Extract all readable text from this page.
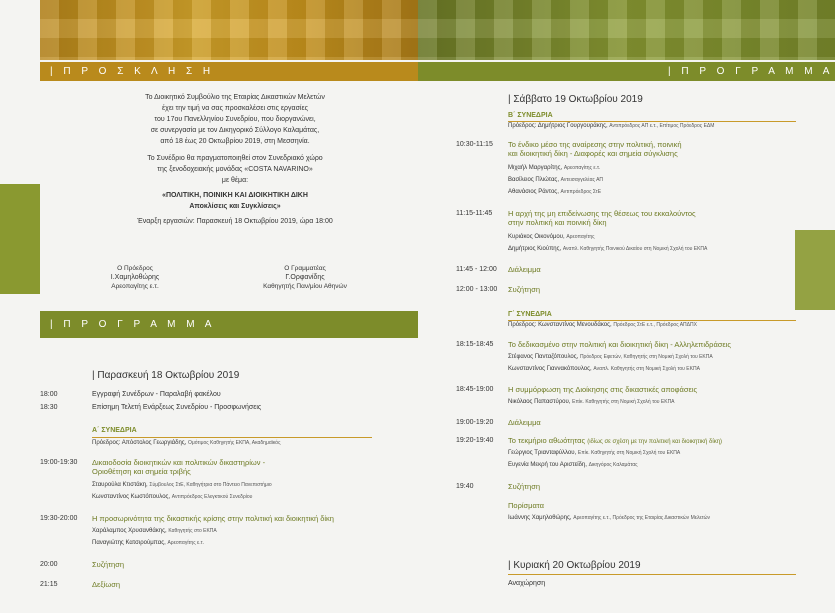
| Π Ρ Ο Σ Κ Λ Η Σ Η	| Π Ρ Ο Γ Ρ Α Μ Μ Α
| Π Ρ Ο Γ Ρ Α Μ Μ Α
Το Διοικητικό Συμβούλιο της Εταιρίας Δικαστικών Μελετών
έχει την τιμή να σας προσκαλέσει στις εργασίες
του 17ου Πανελληνίου Συνεδρίου, που διοργανώνει,
σε συνεργασία με τον Δικηγορικό Σύλλογο Καλαμάτας,
από 18 έως 20 Οκτωβρίου 2019, στη Μεσσηνία.
Το Συνέδριο θα πραγματοποιηθεί στον Συνεδριακό χώρο
της ξενοδοχειακής μονάδας «COSTA NAVARINO»
με θέμα:
«ΠΟΛΙΤΙΚΗ, ΠΟΙΝΙΚΗ ΚΑΙ ΔΙΟΙΚΗΤΙΚΗ ΔΙΚΗ
Αποκλίσεις και Συγκλίσεις»
Έναρξη εργασιών: Παρασκευή 18 Οκτωβρίου 2019, ώρα 18:00
Ο Πρόεδρος
Ι.Χαμηλοθώρης
Αρεοπαγίτης ε.τ.
Ο Γραμματέας
Γ.Ορφανίδης
Καθηγητής Παν/μίου Αθηνών
| Παρασκευή 18 Οκτωβρίου 2019
18:00	Εγγραφή Συνέδρων - Παραλαβή φακέλου
18:30	Επίσημη Τελετή Ενάρξεως Συνεδρίου - Προσφωνήσεις
Α΄ ΣΥΝΕΔΡΙΑ
Πρόεδρος: Απόστολος Γεωργιάδης, Ομότιμος Καθηγητής ΕΚΠΑ, Ακαδημαϊκός
19:00-19:30 Δικαιοδοσία διοικητικών και πολιτικών δικαστηρίων -
Οριοθέτηση και σημεία τριβής
Σταυρούλα Κτιστάκη, Σύμβουλος ΣτΕ, Καθηγήτρια στο Πάντειο Πανεπιστήμιο
Κωνσταντίνος Κωστόπουλος, Αντιπρόεδρος Ελεγκτικού Συνεδρίου
19:30-20:00 Η προσωρινότητα της δικαστικής κρίσης στην πολιτική και διοικητική δίκη
Χαράλαμπος Χρυσανθάκης, Καθηγητής στο ΕΚΠΑ
Παναγιώτης Κατσιρούμπας, Αρεοπαγίτης ε.τ.
20:00	Συζήτηση
21:15	Δεξίωση
| Σάββατο 19 Οκτωβρίου 2019
Β΄ ΣΥΝΕΔΡΙΑ
Πρόεδρος: Δημήτριος Γουργουράκης, Αντιπρόεδρος ΑΠ ε.τ., Επίτιμος Πρόεδρος ΕΔΜ
10:30-11:15 Το ένδικο μέσο της αναίρεσης στην πολιτική, ποινική
και διοικητική δίκη - Διαφορές και σημεία σύγκλισης
Μιχαήλ Μαργαρίτης, Αρεοπαγίτης ε.τ.
Βασίλειος Πλιώτας, Αντεισαγγελέας ΑΠ
Αθανάσιος Ράντος, Αντιπρόεδρος ΣτΕ
11:15-11:45 Η αρχή της μη επιδείνωσης της θέσεως του εκκαλούντος
στην πολιτική και ποινική δίκη
Κυριάκος Οικονόμου, Αρεοπαγίτης
Δημήτριος Κιούπης, Αναπλ. Καθηγητής Ποινικού Δικαίου στη Νομική Σχολή του ΕΚΠΑ
11:45 - 12:00 Διάλειμμα
12:00 - 13:00 Συζήτηση
Γ΄ ΣΥΝΕΔΡΙΑ
Πρόεδρος: Κωνσταντίνος Μενουδάκος, Πρόεδρος ΣτΕ ε.τ., Πρόεδρος ΑΠΔΠΧ
18:15-18:45 Το δεδικασμένο στην πολιτική και διοικητική δίκη - Αλληλεπιδράσεις
Στέφανος Πανταζόπουλος, Πρόεδρος Εφετών, Καθηγητής στη Νομική Σχολή του ΕΚΠΑ
Κωνσταντίνος Γιαννακόπουλος, Αναπλ. Καθηγητής στη Νομική Σχολή του ΕΚΠΑ
18:45-19:00 Η συμμόρφωση της Διοίκησης στις δικαστικές αποφάσεις
Νικόλαος Παπαστύρου, Επίκ. Καθηγητής στη Νομική Σχολή του ΕΚΠΑ
19:00-19:20 Διάλειμμα
19:20-19:40 Το τεκμήριο αθωότητας (ιδίως σε σχέση με την πολιτική και διοικητική δίκη)
Γεώργιος Τριανταφύλλου, Επίκ. Καθηγητής στη Νομική Σχολή του ΕΚΠΑ
Ευγενία Μεκρή του Αριστείδη, Δικηγόρος Καλαμάτας
19:40	Συζήτηση
Πορίσματα
Ιωάννης Χαμηλοθώρης, Αρεοπαγίτης ε.τ., Πρόεδρος της Εταιρίας Δικαστικών Μελετών
| Κυριακή 20 Οκτωβρίου 2019
Αναχώρηση
